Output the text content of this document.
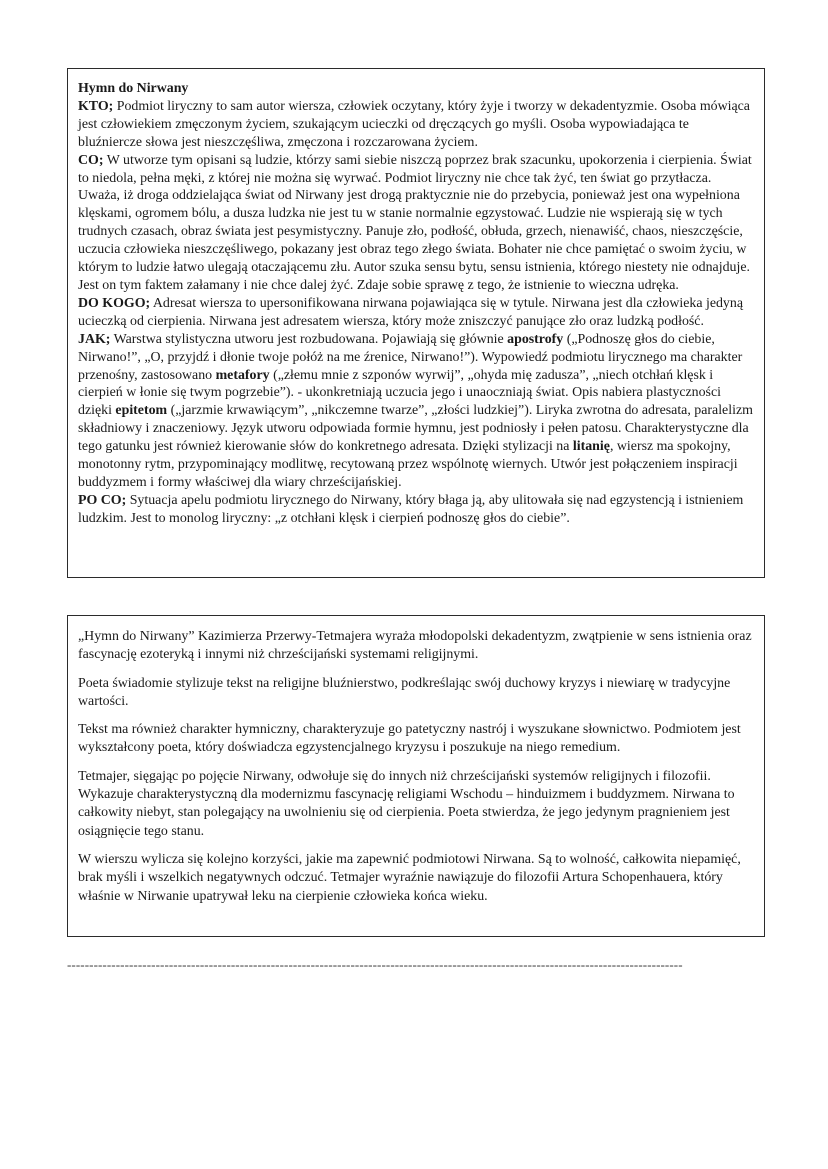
Hymn do Nirwany
KTO; Podmiot liryczny to sam autor wiersza, człowiek oczytany, który żyje i tworzy w dekadentyzmie. Osoba mówiąca jest człowiekiem zmęczonym życiem, szukającym ucieczki od dręczących go myśli. Osoba wypowiadająca te bluźniercze słowa jest nieszczęśliwa, zmęczona i rozczarowana życiem.
CO; W utworze tym opisani są ludzie, którzy sami siebie niszczą poprzez brak szacunku, upokorzenia i cierpienia. Świat to niedola, pełna męki, z której nie można się wyrwać. Podmiot liryczny nie chce tak żyć, ten świat go przytłacza. Uważa, iż droga oddzielająca świat od Nirwany jest drogą praktycznie nie do przebycia, ponieważ jest ona wypełniona klęskami, ogromem bólu, a dusza ludzka nie jest tu w stanie normalnie egzystować. Ludzie nie wspierają się w tych trudnych czasach, obraz świata jest pesymistyczny. Panuje zło, podłość, obłuda, grzech, nienawiść, chaos, nieszczęście, uczucia człowieka nieszczęśliwego, pokazany jest obraz tego złego świata. Bohater nie chce pamiętać o swoim życiu, w którym to ludzie łatwo ulegają otaczającemu złu. Autor szuka sensu bytu, sensu istnienia, którego niestety nie odnajduje. Jest on tym faktem załamany i nie chce dalej żyć. Zdaje sobie sprawę z tego, że istnienie to wieczna udręka.
DO KOGO; Adresat wiersza to upersonifikowana nirwana pojawiająca się w tytule. Nirwana jest dla człowieka jedyną ucieczką od cierpienia. Nirwana jest adresatem wiersza, który może zniszczyć panujące zło oraz ludzką podłość.
JAK; Warstwa stylistyczna utworu jest rozbudowana. Pojawiają się głównie apostrofy („Podnoszę głos do ciebie, Nirwano!”, „O, przyjdź i dłonie twoje połóż na me źrenice, Nirwano!”). Wypowiedź podmiotu lirycznego ma charakter przenośny, zastosowano metafory („złemu mnie z szponów wyrwij”, „ohyda mię zadusza”, „niech otchłań klęsk i cierpień w łonie się twym pogrzebie”). - ukonkretniają uczucia jego i unaoczniają świat. Opis nabiera plastyczności dzięki epitetom („jarzmie krwawiącym”, „nikczemne twarze”, „złości ludzkiej”). Liryka zwrotna do adresata, paralelizm składniowy i znaczeniowy. Język utworu odpowiada formie hymnu, jest podniosły i pełen patosu. Charakterystyczne dla tego gatunku jest również kierowanie słów do konkretnego adresata. Dzięki stylizacji na litanię, wiersz ma spokojny, monotonny rytm, przypominający modlitwę, recytowaną przez wspólnotę wiernych. Utwór jest połączeniem inspiracji buddyzmem i formy właściwej dla wiary chrześcijańskiej.
PO CO; Sytuacja apelu podmiotu lirycznego do Nirwany, który błaga ją, aby ulitowała się nad egzystencją i istnieniem ludzkim. Jest to monolog liryczny: „z otchłani klęsk i cierpień podnoszę głos do ciebie”.

„Hymn do Nirwany” Kazimierza Przerwy-Tetmajera wyraża młodopolski dekadentyzm, zwątpienie w sens istnienia oraz fascynację ezoteryką i innymi niż chrześcijański systemami religijnymi.

Poeta świadomie stylizuje tekst na religijne bluźnierstwo, podkreślając swój duchowy kryzys i niewiarę w tradycyjne wartości.

Tekst ma również charakter hymniczny, charakteryzuje go patetyczny nastrój i wyszukane słownictwo. Podmiotem jest wykształcony poeta, który doświadcza egzystencjalnego kryzysu i poszukuje na niego remedium.

Tetmajer, sięgając po pojęcie Nirwany, odwołuje się do innych niż chrześcijański systemów religijnych i filozofii. Wykazuje charakterystyczną dla modernizmu fascynację religiami Wschodu – hinduizmem i buddyzmem. Nirwana to całkowity niebyt, stan polegający na uwolnieniu się od cierpienia. Poeta stwierdza, że jego jedynym pragnieniem jest osiągnięcie tego stanu.

W wierszu wylicza się kolejno korzyści, jakie ma zapewnić podmiotowi Nirwana. Są to wolność, całkowita niepamięć, brak myśli i wszelkich negatywnych odczuć. Tetmajer wyraźnie nawiązuje do filozofii Artura Schopenhauera, który właśnie w Nirwanie upatrywał leku na cierpienie człowieka końca wieku.

-------------------------------------------------------------------------------------------------------------------------------------------
